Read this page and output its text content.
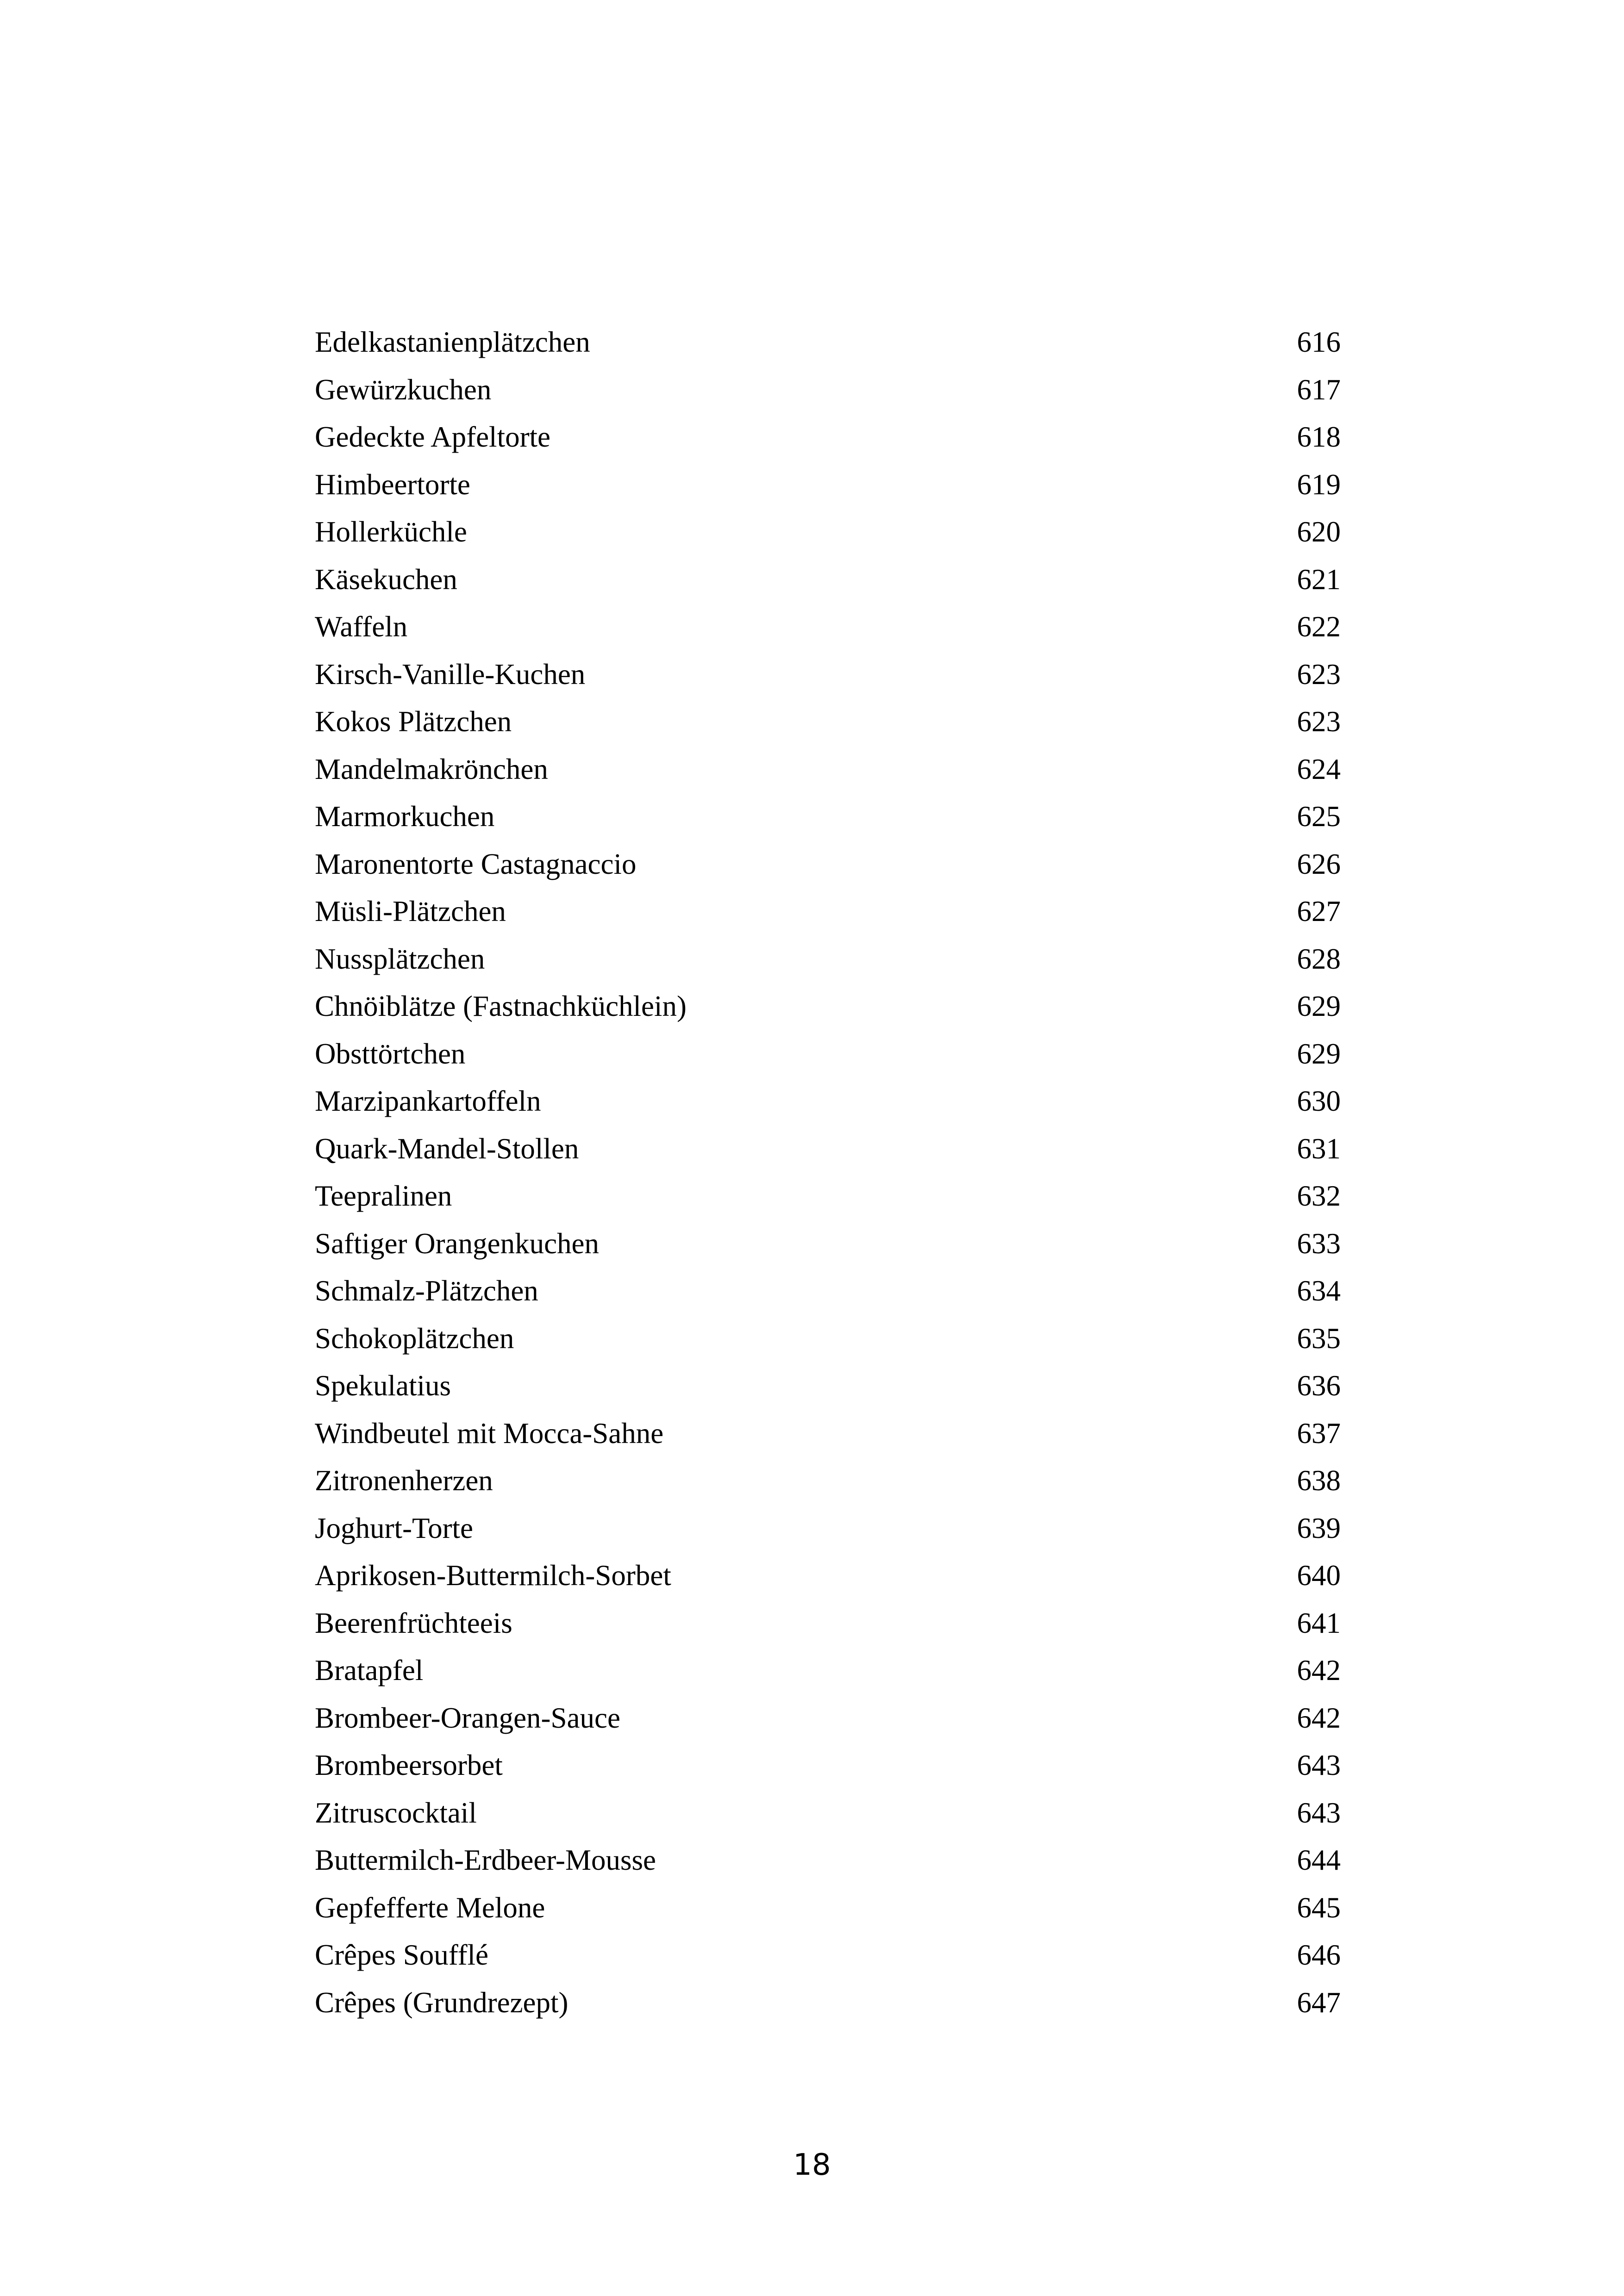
Edelkastanienplätzchen	616
Gewürzkuchen	617
Gedeckte Apfeltorte	618
Himbeertorte	619
Hollerküchle	620
Käsekuchen	621
Waffeln	622
Kirsch-Vanille-Kuchen	623
Kokos Plätzchen	623
Mandelmakrönchen	624
Marmorkuchen	625
Maronentorte Castagnaccio	626
Müsli-Plätzchen	627
Nussplätzchen	628
Chnöiblätze (Fastnachküchlein)	629
Obsttörtchen	629
Marzipankartoffeln	630
Quark-Mandel-Stollen	631
Teepralinen	632
Saftiger Orangenkuchen	633
Schmalz-Plätzchen	634
Schokoplätzchen	635
Spekulatius	636
Windbeutel mit Mocca-Sahne	637
Zitronenherzen	638
Joghurt-Torte	639
Aprikosen-Buttermilch-Sorbet	640
Beerenfrüchteeis	641
Bratapfel	642
Brombeer-Orangen-Sauce	642
Brombeersorbet	643
Zitruscocktail	643
Buttermilch-Erdbeer-Mousse	644
Gepfefferte Melone	645
Crêpes Soufflé	646
Crêpes (Grundrezept)	647
18
